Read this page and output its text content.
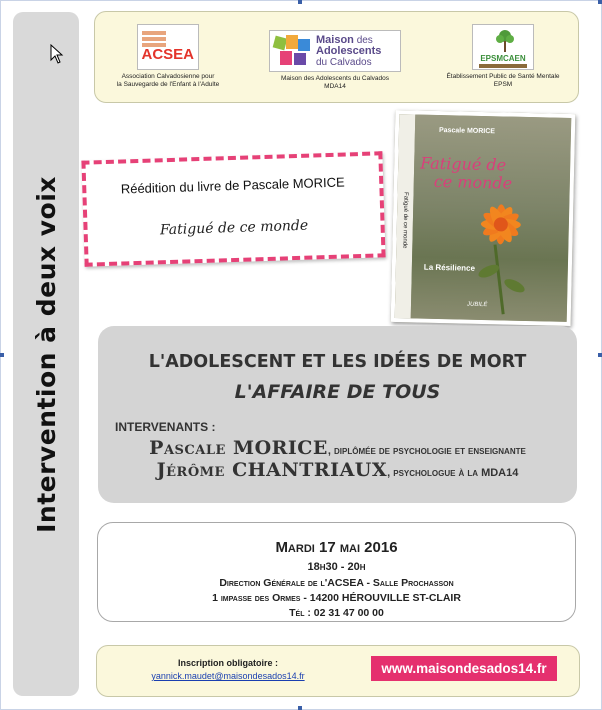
Intervention à deux voix
ACSEA
Association Calvadosienne pour
la Sauvegarde de l'Enfant à l'Adulte
Maison des
Adolescents
du Calvados
Maison des Adolescents du Calvados
MDA14
EPSMCAEN
Établissement Public de Santé Mentale
EPSM
Réédition du livre de Pascale MORICE
Fatigué de ce monde	Fatigué de ce monde
Pascale MORICE
Fatigué de
ce monde
La Résilience
JUBILÉ
L'ADOLESCENT ET LES IDÉES DE MORT
L'AFFAIRE DE TOUS
INTERVENANTS :
Pascale MORICE, diplômée de psychologie et enseignante
Jérôme CHANTRIAUX, psychologue à la MDA14
Mardi 17 mai 2016
18h30 - 20h
Direction Générale de l'ACSEA - Salle Prochasson
1 impasse des Ormes - 14200 HÉROUVILLE ST-CLAIR
Tél : 02 31 47 00 00
Inscription obligatoire :
yannick.maudet@maisondesados14.fr	www.maisondesados14.fr
